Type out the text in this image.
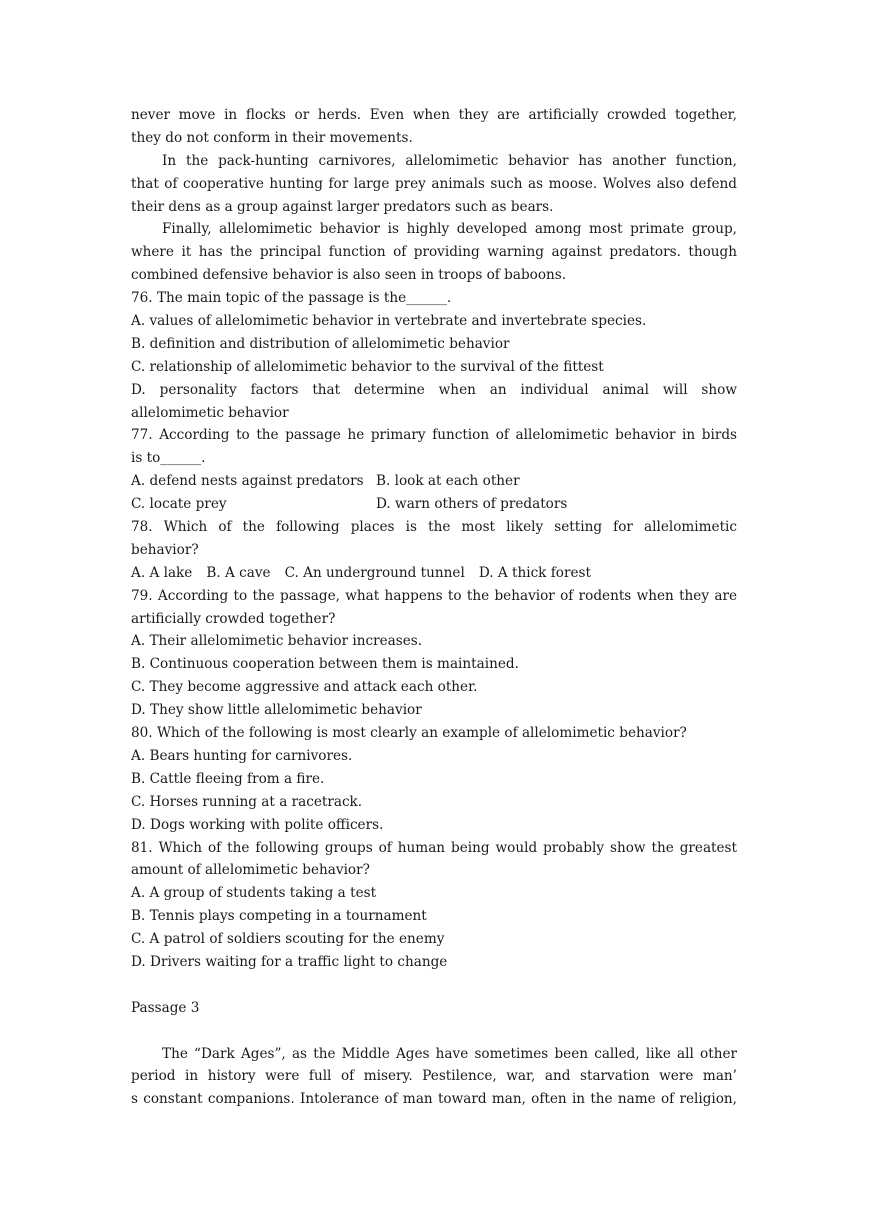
never move in flocks or herds. Even when they are artificially crowded together,
they do not conform in their movements.
In the pack-hunting carnivores, allelomimetic behavior has another function,
that of cooperative hunting for large prey animals such as moose. Wolves also defend
their dens as a group against larger predators such as bears.
Finally, allelomimetic behavior is highly developed among most primate group,
where it has the principal function of providing warning against predators. though
combined defensive behavior is also seen in troops of baboons.
76. The main topic of the passage is the______.
A. values of allelomimetic behavior in vertebrate and invertebrate species.
B. definition and distribution of allelomimetic behavior
C. relationship of allelomimetic behavior to the survival of the fittest
D. personality factors that determine when an individual animal will show
allelomimetic behavior
77. According to the passage he primary function of allelomimetic behavior in birds
is to______.
A. defend nests against predators B. look at each other
C. locate prey	D. warn others of predators
78. Which of the following places is the most likely setting for allelomimetic
behavior?
A. A lake B. A cave C. An underground tunnel D. A thick forest
79. According to the passage, what happens to the behavior of rodents when they are
artificially crowded together?
A. Their allelomimetic behavior increases.
B. Continuous cooperation between them is maintained.
C. They become aggressive and attack each other.
D. They show little allelomimetic behavior
80. Which of the following is most clearly an example of allelomimetic behavior?
A. Bears hunting for carnivores.
B. Cattle fleeing from a fire.
C. Horses running at a racetrack.
D. Dogs working with polite officers.
81. Which of the following groups of human being would probably show the greatest
amount of allelomimetic behavior?
A. A group of students taking a test
B. Tennis plays competing in a tournament
C. A patrol of soldiers scouting for the enemy
D. Drivers waiting for a traffic light to change
Passage 3
The “Dark Ages”, as the Middle Ages have sometimes been called, like all other
period in history were full of misery. Pestilence, war, and starvation were man’
s constant companions. Intolerance of man toward man, often in the name of religion,
